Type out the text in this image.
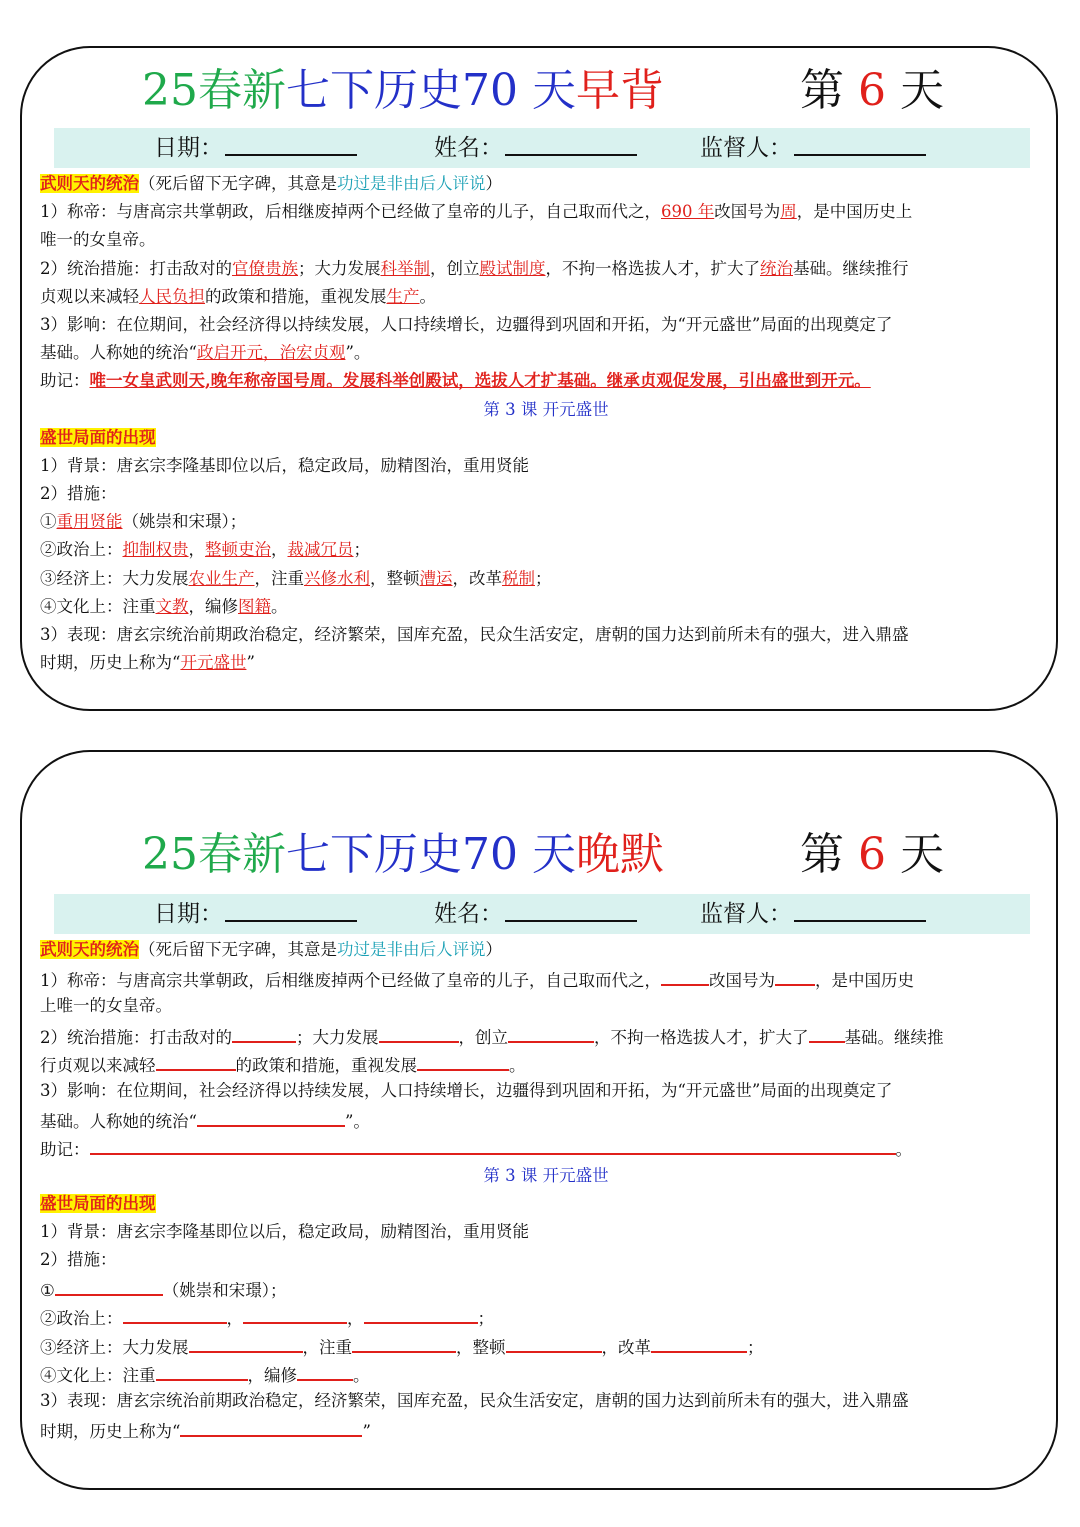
25春新七下历史70 天早背	第 6 天
日期：	姓名：	监督人：
武则天的统治（死后留下无字碑，其意是功过是非由后人评说）
1）称帝：与唐高宗共掌朝政，后相继废掉两个已经做了皇帝的儿子，自己取而代之，690 年改国号为周，是中国历史上
唯一的女皇帝。
2）统治措施：打击敌对的官僚贵族；大力发展科举制，创立殿试制度，不拘一格选拔人才，扩大了统治基础。继续推行
贞观以来减轻人民负担的政策和措施，重视发展生产。
3）影响：在位期间，社会经济得以持续发展，人口持续增长，边疆得到巩固和开拓，为“开元盛世”局面的出现奠定了
基础。人称她的统治“政启开元，治宏贞观”。
助记：唯一女皇武则天,晚年称帝国号周。发展科举创殿试，选拔人才扩基础。继承贞观促发展，引出盛世到开元。
第 3 课 开元盛世
盛世局面的出现
1）背景：唐玄宗李隆基即位以后，稳定政局，励精图治，重用贤能
2）措施：
①重用贤能（姚崇和宋璟）；
②政治上：抑制权贵，整顿吏治，裁减冗员；
③经济上：大力发展农业生产，注重兴修水利，整顿漕运，改革税制；
④文化上：注重文教，编修图籍。
3）表现：唐玄宗统治前期政治稳定，经济繁荣，国库充盈，民众生活安定，唐朝的国力达到前所未有的强大，进入鼎盛
时期，历史上称为“开元盛世”
25春新七下历史70 天晚默	第 6 天
日期：	姓名：	监督人：
武则天的统治（死后留下无字碑，其意是功过是非由后人评说）
1）称帝：与唐高宗共掌朝政，后相继废掉两个已经做了皇帝的儿子，自己取而代之，	改国号为 ，是中国历史
上唯一的女皇帝。
2）统治措施：打击敌对的	；大力发展	，创立	，不拘一格选拔人才，扩大了 基础。继续推
行贞观以来减轻	的政策和措施，重视发展	。
3）影响：在位期间，社会经济得以持续发展，人口持续增长，边疆得到巩固和开拓，为“开元盛世”局面的出现奠定了
基础。人称她的统治“	”。
助记：	。
第 3 课 开元盛世
盛世局面的出现
1）背景：唐玄宗李隆基即位以后，稳定政局，励精图治，重用贤能
2）措施：
①	（姚崇和宋璟）；
②政治上：	，	，	；
③经济上：大力发展	，注重	，整顿	，改革	；
④文化上：注重	，编修	。
3）表现：唐玄宗统治前期政治稳定，经济繁荣，国库充盈，民众生活安定，唐朝的国力达到前所未有的强大，进入鼎盛
时期，历史上称为“	”
